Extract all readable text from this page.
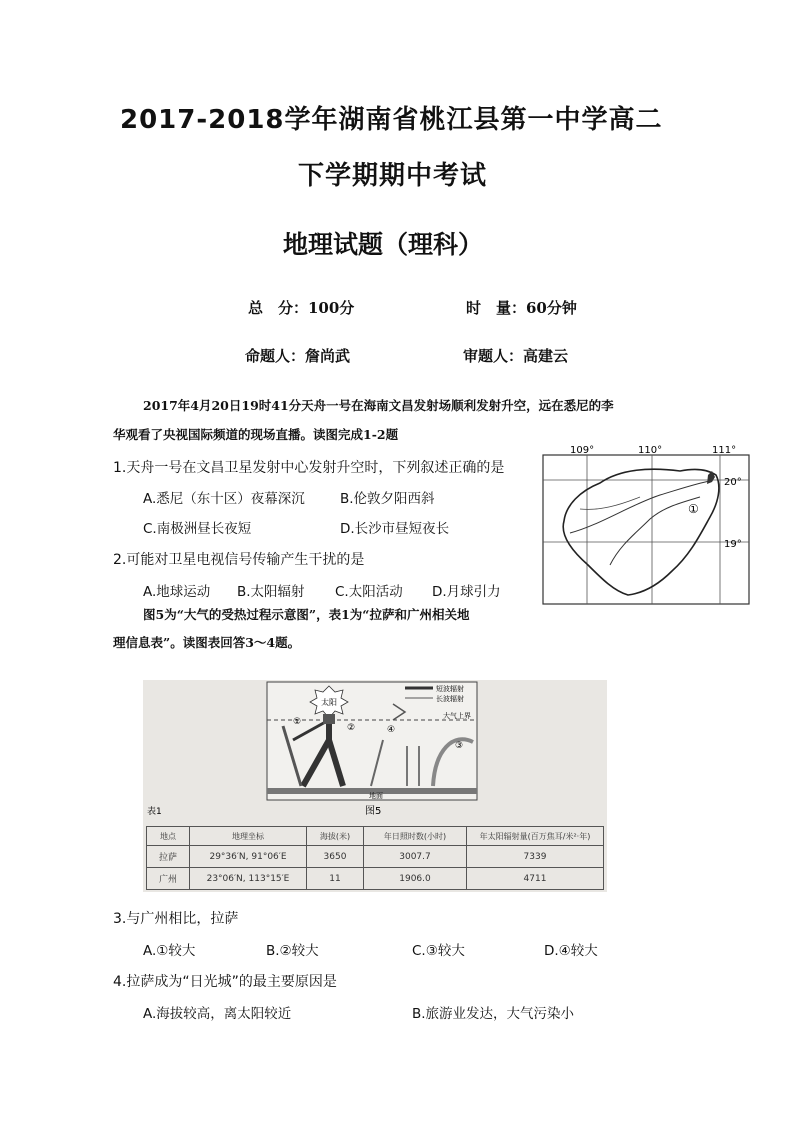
2017-2018学年湖南省桃江县第一中学高二
下学期期中考试
地理试题（理科）
总　分：100分	时　量：60分钟
命题人：詹尚武	审题人：高建云
2017年4月20日19时41分天舟一号在海南文昌发射场顺利发射升空，远在悉尼的李
华观看了央视国际频道的现场直播。读图完成1-2题
109°	110°	111°
20°
19°
①
1.天舟一号在文昌卫星发射中心发射升空时，下列叙述正确的是
A.悉尼（东十区）夜幕深沉	B.伦敦夕阳西斜
C.南极洲昼长夜短	D.长沙市昼短夜长
2.可能对卫星电视信号传输产生干扰的是
A.地球运动 B.太阳辐射 C.太阳活动 D.月球引力
图5为“大气的受热过程示意图”，表1为“拉萨和广州相关地
理信息表”。读图表回答3～4题。
太阳
短波辐射
长波辐射
大气上界
地面
①
②
③
④
图5
表1
地点	地理坐标	海拔(米)	年日照时数(小时)	年太阳辐射量(百万焦耳/米²·年)
拉萨	29°36′N, 91°06′E	3650	3007.7	7339
广州	23°06′N, 113°15′E	11	1906.0	4711
3.与广州相比，拉萨
A.①较大	B.②较大	C.③较大	D.④较大
4.拉萨成为“日光城”的最主要原因是
A.海拔较高，离太阳较近	B.旅游业发达，大气污染小
